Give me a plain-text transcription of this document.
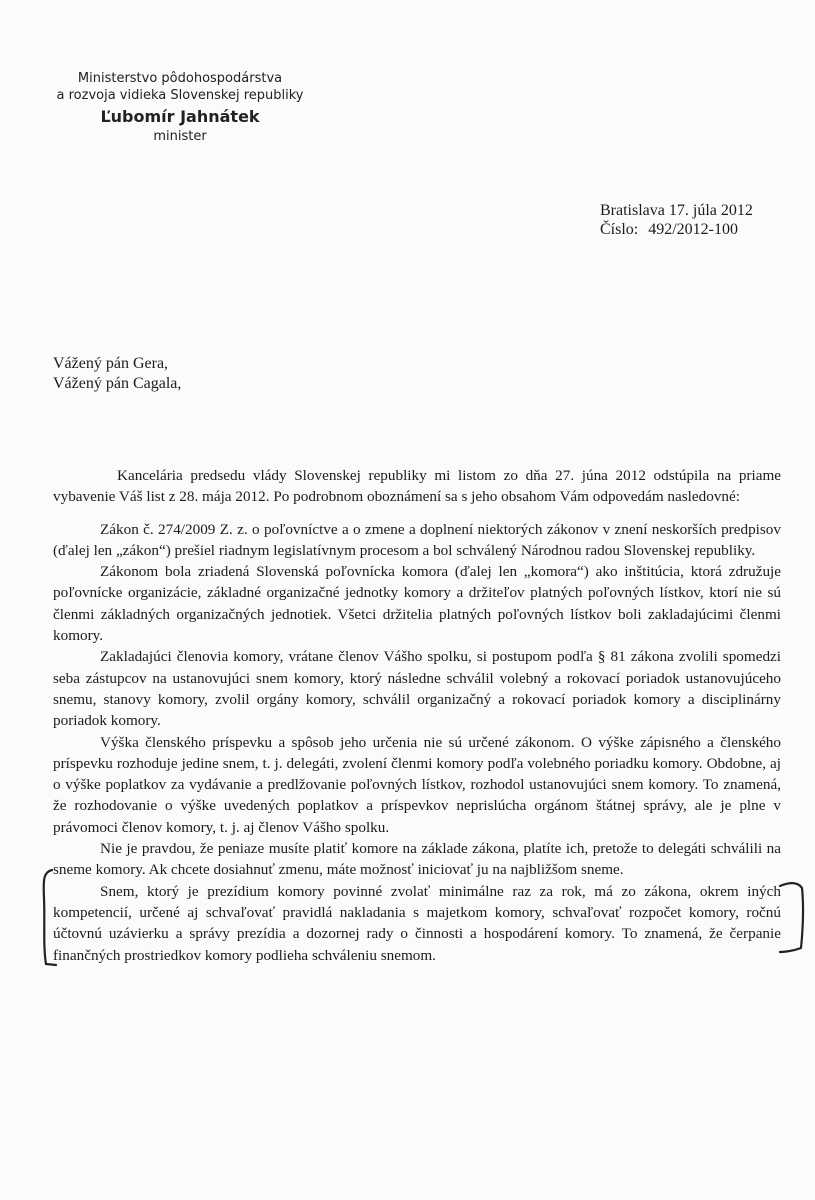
Ministerstvo pôdohospodárstva
a rozvoja vidieka Slovenskej republiky
Ľubomír Jahnátek
minister
Bratislava 17. júla 2012
Číslo: 492/2012-100
Vážený pán Gera,
Vážený pán Cagala,

Kancelária predsedu vlády Slovenskej republiky mi listom zo dňa 27. júna 2012 odstúpila na priame vybavenie Váš list z 28. mája 2012. Po podrobnom oboznámení sa s jeho obsahom Vám odpovedám nasledovné:

Zákon č. 274/2009 Z. z. o poľovníctve a o zmene a doplnení niektorých zákonov v znení neskorších predpisov (ďalej len „zákon“) prešiel riadnym legislatívnym procesom a bol schválený Národnou radou Slovenskej republiky.

Zákonom bola zriadená Slovenská poľovnícka komora (ďalej len „komora“) ako inštitúcia, ktorá združuje poľovnícke organizácie, základné organizačné jednotky komory a držiteľov platných poľovných lístkov, ktorí nie sú členmi základných organizačných jednotiek. Všetci držitelia platných poľovných lístkov boli zakladajúcimi členmi komory.

Zakladajúci členovia komory, vrátane členov Vášho spolku, si postupom podľa § 81 zákona zvolili spomedzi seba zástupcov na ustanovujúci snem komory, ktorý následne schválil volebný a rokovací poriadok ustanovujúceho snemu, stanovy komory, zvolil orgány komory, schválil organizačný a rokovací poriadok komory a disciplinárny poriadok komory.

Výška členského príspevku a spôsob jeho určenia nie sú určené zákonom. O výške zápisného a členského príspevku rozhoduje jedine snem, t. j. delegáti, zvolení členmi komory podľa volebného poriadku komory. Obdobne, aj o výške poplatkov za vydávanie a predlžovanie poľovných lístkov, rozhodol ustanovujúci snem komory. To znamená, že rozhodovanie o výške uvedených poplatkov a príspevkov neprislúcha orgánom štátnej správy, ale je plne v právomoci členov komory, t. j. aj členov Vášho spolku.

Nie je pravdou, že peniaze musíte platiť komore na základe zákona, platíte ich, pretože to delegáti schválili na sneme komory. Ak chcete dosiahnuť zmenu, máte možnosť iniciovať ju na najbližšom sneme.

Snem, ktorý je prezídium komory povinné zvolať minimálne raz za rok, má zo zákona, okrem iných kompetencií, určené aj schvaľovať pravidlá nakladania s majetkom komory, schvaľovať rozpočet komory, ročnú účtovnú uzávierku a správy prezídia a dozornej rady o činnosti a hospodárení komory. To znamená, že čerpanie finančných prostriedkov komory podlieha schváleniu snemom.
